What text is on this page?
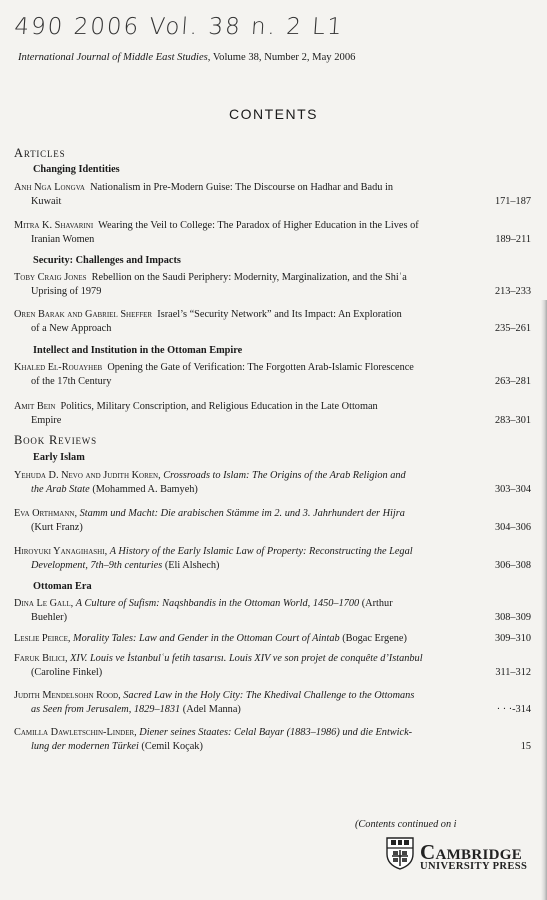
490 2006 Vol. 38 n. 2 L1
International Journal of Middle East Studies, Volume 38, Number 2, May 2006
CONTENTS
Articles
Changing Identities
Anh Nga Longva Nationalism in Pre-Modern Guise: The Discourse on Hadhar and Badu in
Kuwait	171–187
Mitra K. Shavarini Wearing the Veil to College: The Paradox of Higher Education in the Lives of
Iranian Women	189–211
Security: Challenges and Impacts
Toby Craig Jones Rebellion on the Saudi Periphery: Modernity, Marginalization, and the Shiʿa
Uprising of 1979	213–233
Oren Barak and Gabriel Sheffer Israel’s “Security Network” and Its Impact: An Exploration
of a New Approach	235–261
Intellect and Institution in the Ottoman Empire
Khaled El-Rouayheb Opening the Gate of Verification: The Forgotten Arab-Islamic Florescence
of the 17th Century	263–281
Amit Bein Politics, Military Conscription, and Religious Education in the Late Ottoman
Empire	283–301
Book Reviews
Early Islam
Yehuda D. Nevo and Judith Koren, Crossroads to Islam: The Origins of the Arab Religion and
the Arab State (Mohammed A. Bamyeh)	303–304
Eva Orthmann, Stamm und Macht: Die arabischen Stämme im 2. und 3. Jahrhundert der Hijra
(Kurt Franz)	304–306
Hiroyuki Yanagihashi, A History of the Early Islamic Law of Property: Reconstructing the Legal
Development, 7th–9th centuries (Eli Alshech)	306–308
Ottoman Era
Dina Le Gall, A Culture of Sufism: Naqshbandis in the Ottoman World, 1450–1700 (Arthur
Buehler)	308–309
Leslie Peirce, Morality Tales: Law and Gender in the Ottoman Court of Aintab (Bogac Ergene)	309–310
Faruk Bilici, XIV. Louis ve İstanbulʿu fetih tasarısı. Louis XIV ve son projet de conquête d’Istanbul
(Caroline Finkel)	311–312
Judith Mendelsohn Rood, Sacred Law in the Holy City: The Khedival Challenge to the Ottomans
as Seen from Jerusalem, 1829–1831 (Adel Manna)	· · ·-314
Camilla Dawletschin-Linder, Diener seines Staates: Celal Bayar (1883–1986) und die Entwick-
lung der modernen Türkei (Cemil Koçak)	15
(Contents continued on i
Cambridge
UNIVERSITY PRESS
